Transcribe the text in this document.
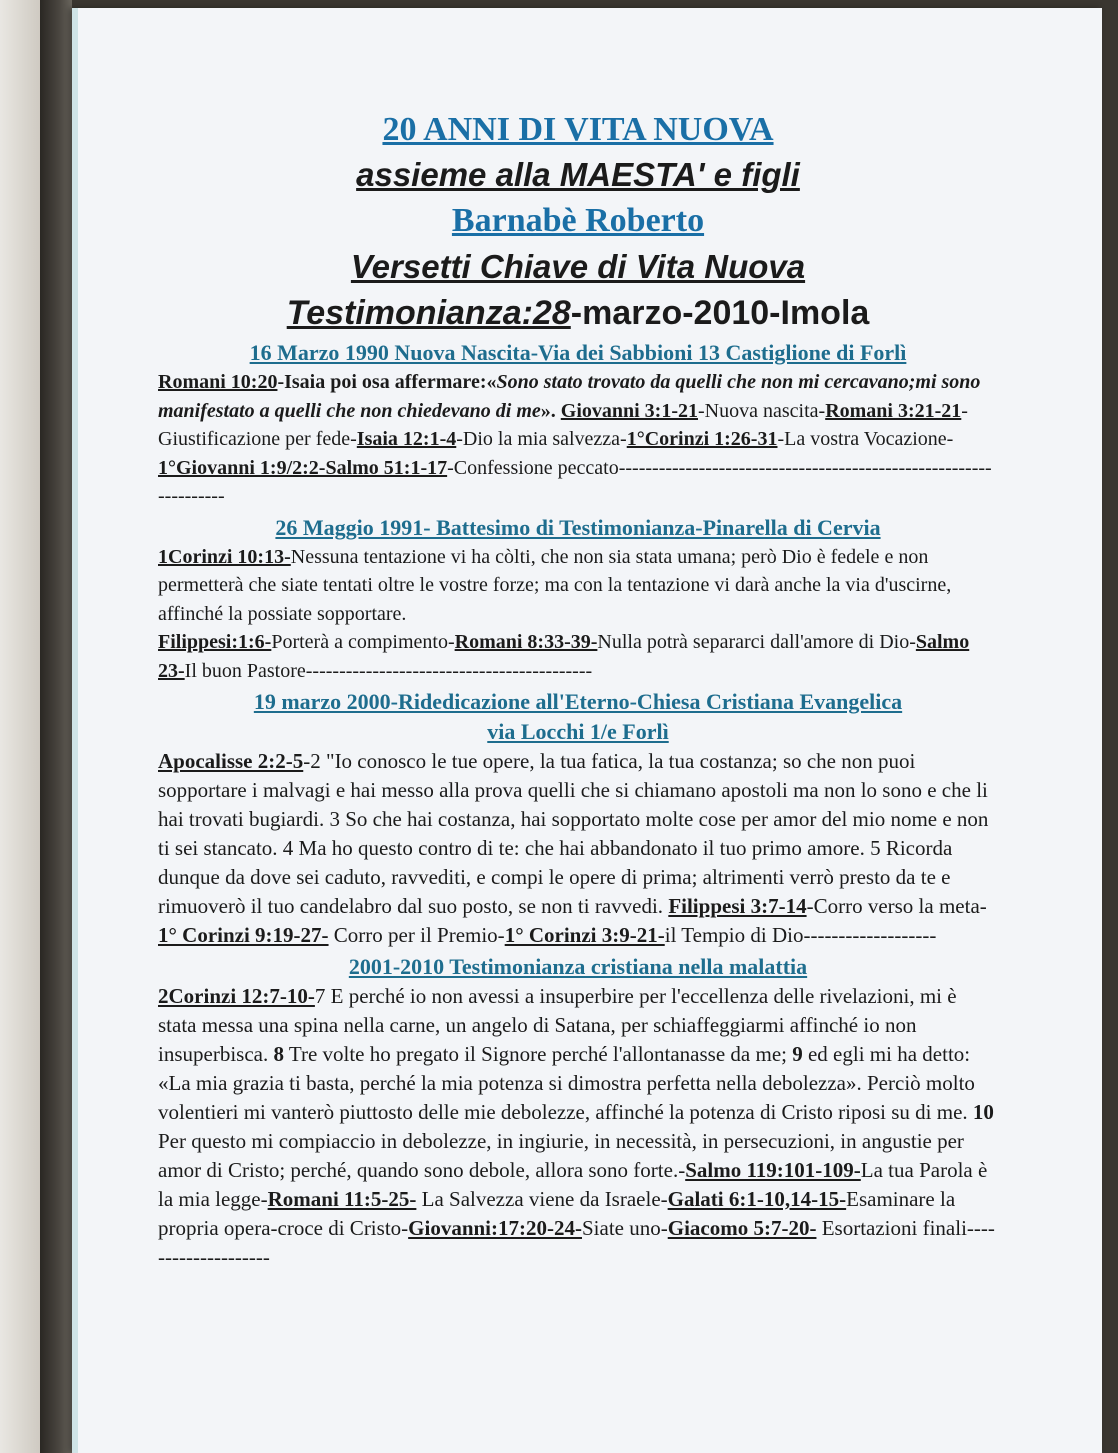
20 ANNI DI VITA NUOVA

assieme alla MAESTA' e figli

Barnabè Roberto

Versetti Chiave di Vita Nuova

Testimonianza:28-marzo-2010-Imola

16 Marzo 1990 Nuova Nascita-Via dei Sabbioni 13 Castiglione di Forlì

Romani 10:20-Isaia poi osa affermare:«Sono stato trovato da quelli che non mi cercavano;mi sono manifestato a quelli che non chiedevano di me». Giovanni 3:1-21-Nuova nascita-Romani 3:21-21-Giustificazione per fede-Isaia 12:1-4-Dio la mia salvezza-1°Corinzi 1:26-31-La vostra Vocazione-1°Giovanni 1:9/2:2-Salmo 51:1-17-Confessione peccato------------------------------------------------------------------

26 Maggio 1991- Battesimo di Testimonianza-Pinarella di Cervia

1Corinzi 10:13-Nessuna tentazione vi ha còlti, che non sia stata umana; però Dio è fedele e non permetterà che siate tentati oltre le vostre forze; ma con la tentazione vi darà anche la via d'uscirne, affinché la possiate sopportare.
Filippesi:1:6-Porterà a compimento-Romani 8:33-39-Nulla potrà separarci dall'amore di Dio-Salmo 23-Il buon Pastore-------------------------------------------

19 marzo 2000-Ridedicazione all'Eterno-Chiesa Cristiana Evangelica
via Locchi 1/e Forlì

Apocalisse 2:2-5-2 "Io conosco le tue opere, la tua fatica, la tua costanza; so che non puoi sopportare i malvagi e hai messo alla prova quelli che si chiamano apostoli ma non lo sono e che li hai trovati bugiardi. 3 So che hai costanza, hai sopportato molte cose per amor del mio nome e non ti sei stancato. 4 Ma ho questo contro di te: che hai abbandonato il tuo primo amore. 5 Ricorda dunque da dove sei caduto, ravvediti, e compi le opere di prima; altrimenti verrò presto da te e rimuoverò il tuo candelabro dal suo posto, se non ti ravvedi. Filippesi 3:7-14-Corro verso la meta-1° Corinzi 9:19-27- Corro per il Premio-1° Corinzi 3:9-21-il Tempio di Dio-------------------

2001-2010 Testimonianza cristiana nella malattia

2Corinzi 12:7-10-7 E perché io non avessi a insuperbire per l'eccellenza delle rivelazioni, mi è stata messa una spina nella carne, un angelo di Satana, per schiaffeggiarmi affinché io non insuperbisca. 8 Tre volte ho pregato il Signore perché l'allontanasse da me; 9 ed egli mi ha detto: «La mia grazia ti basta, perché la mia potenza si dimostra perfetta nella debolezza». Perciò molto volentieri mi vanterò piuttosto delle mie debolezze, affinché la potenza di Cristo riposi su di me. 10 Per questo mi compiaccio in debolezze, in ingiurie, in necessità, in persecuzioni, in angustie per amor di Cristo; perché, quando sono debole, allora sono forte.-Salmo 119:101-109-La tua Parola è la mia legge-Romani 11:5-25- La Salvezza viene da Israele-Galati 6:1-10,14-15-Esaminare la propria opera-croce di Cristo-Giovanni:17:20-24-Siate uno-Giacomo 5:7-20- Esortazioni finali--------------------
